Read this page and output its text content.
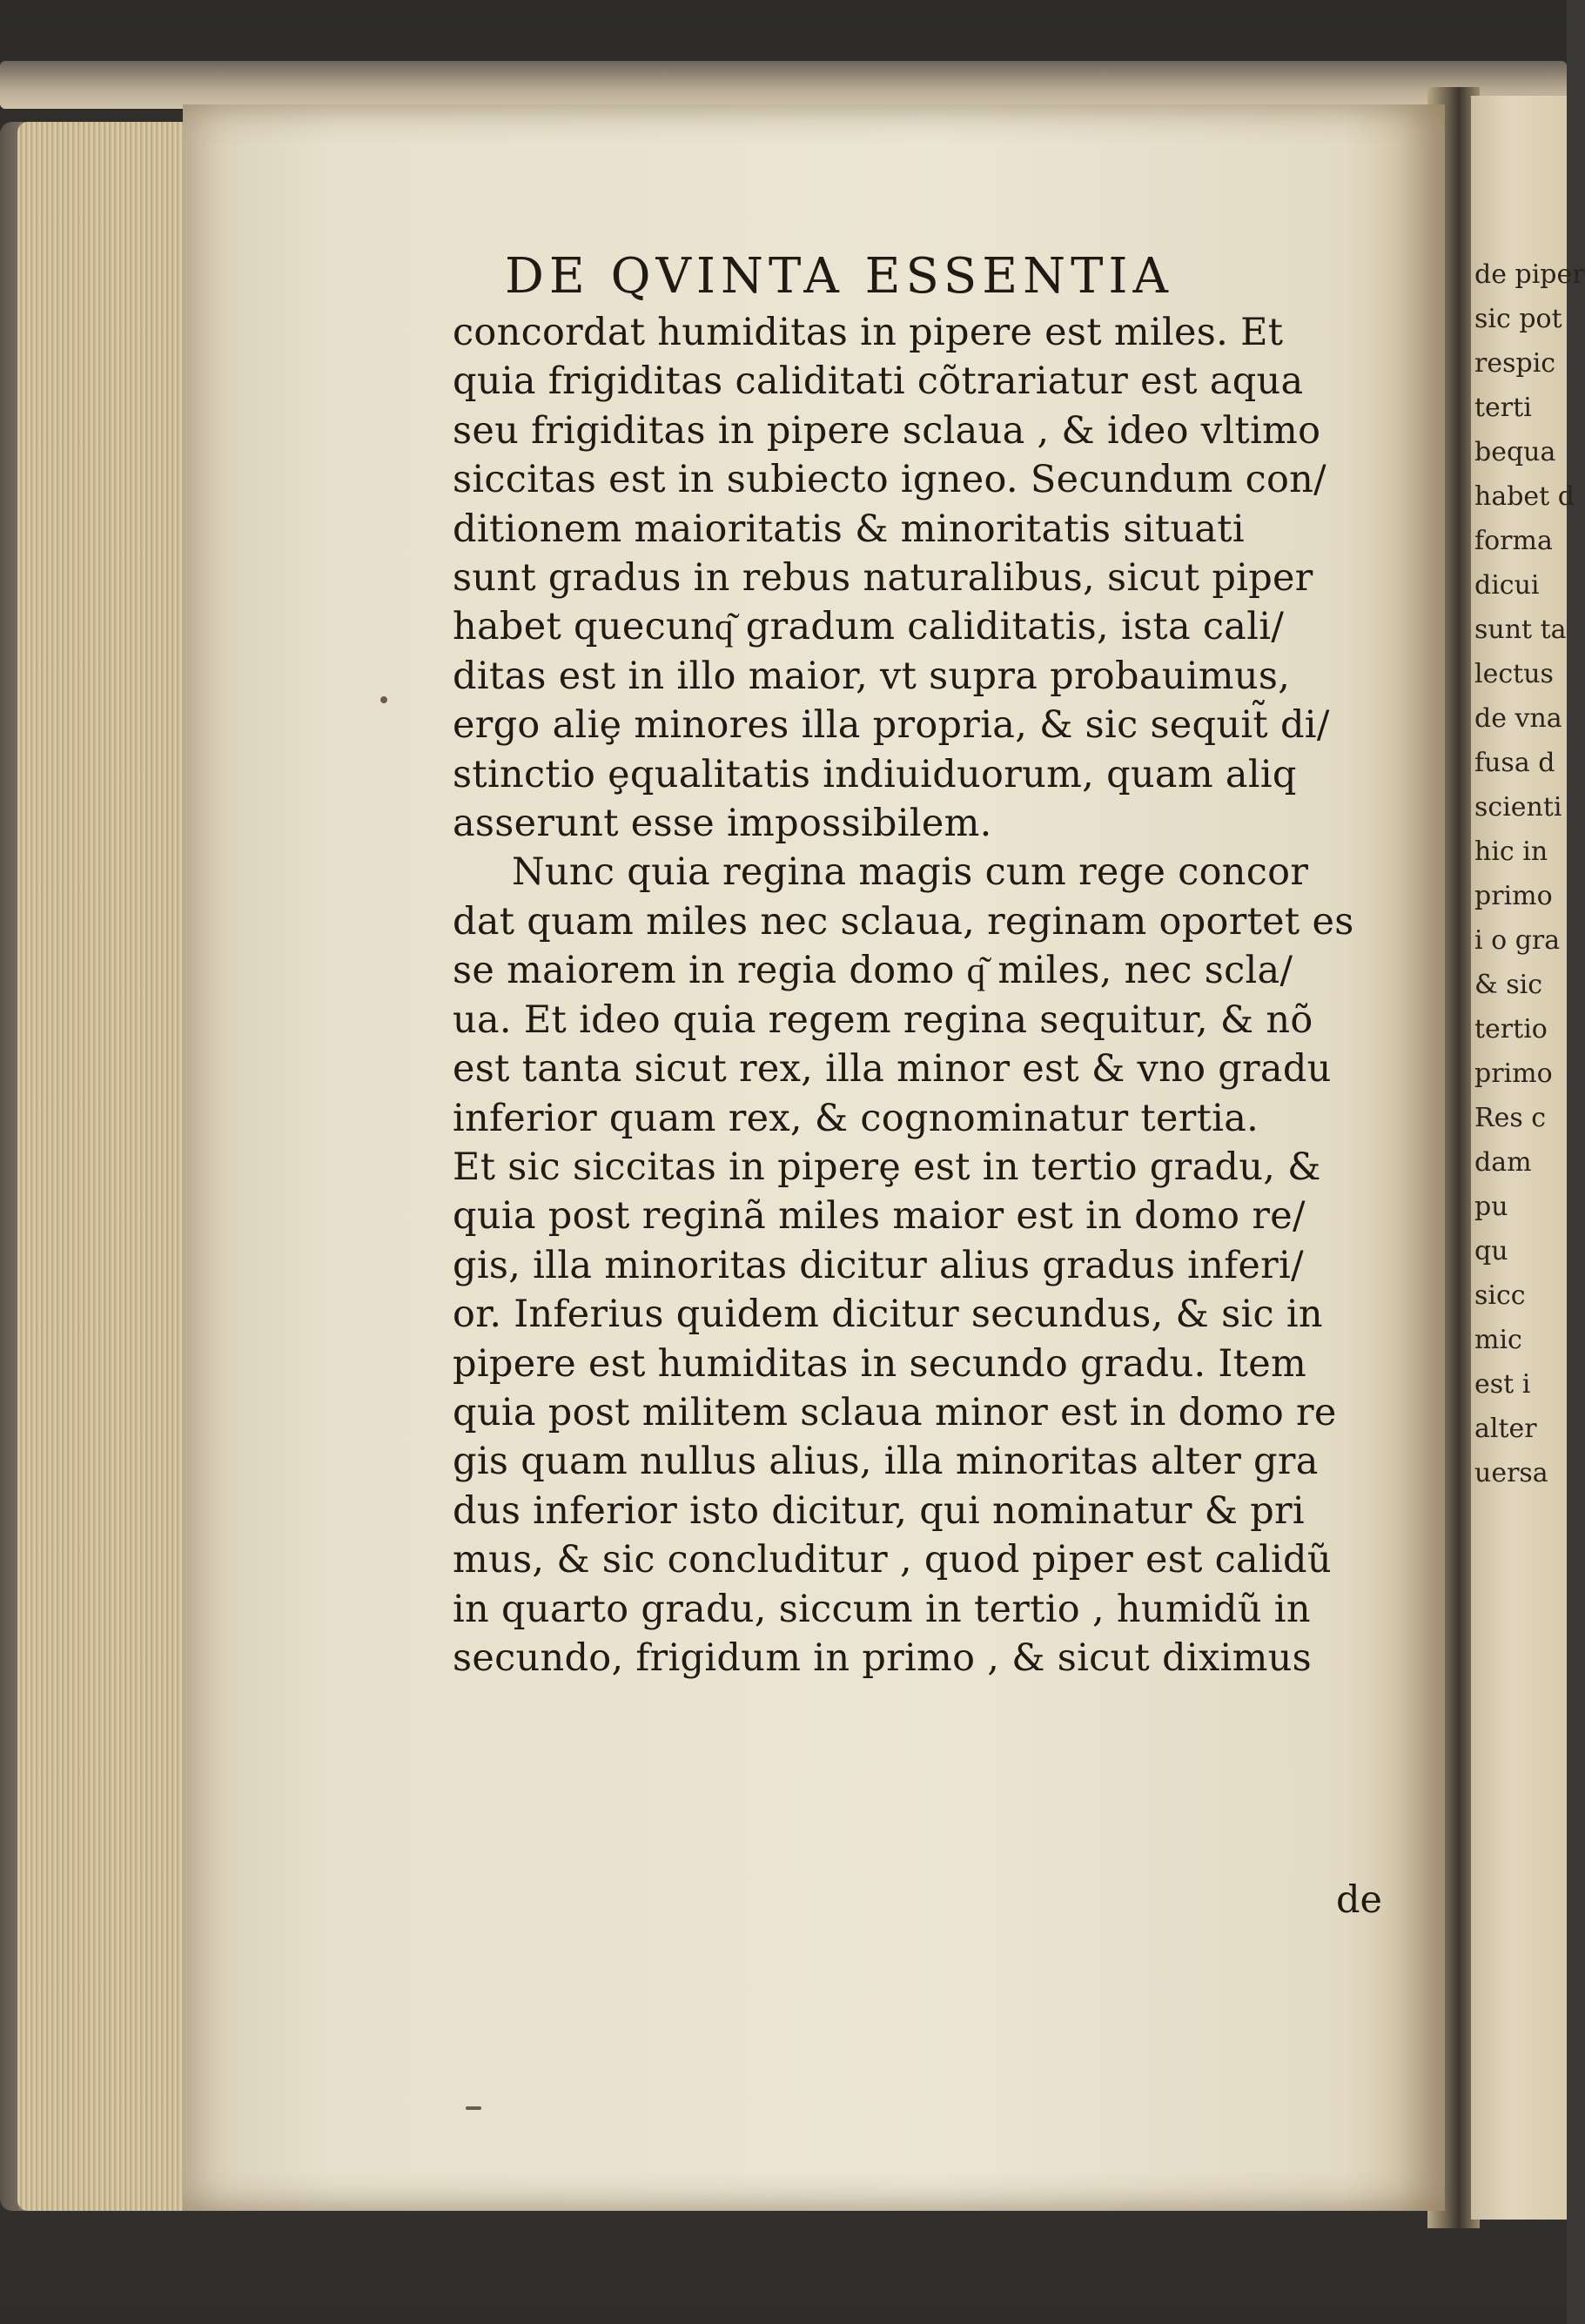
de piper
sic pot
respic
terti
bequa
habet d
forma
dicui
sunt ta
lectus
de vna
fusa d
scienti
hic in
primo
i o gra
& sic
tertio
primo
Res c
dam
pu
qu
sicc
mic
est i
alter
uersa
DE QVINTA ESSENTIA
concordat humiditas in pipere est miles. Et
quia frigiditas caliditati cõtrariatur est aqua
seu frigiditas in pipere sclaua , & ideo vltimo
siccitas est in subiecto igneo. Secundum con/
ditionem maioritatis & minoritatis situati
sunt gradus in rebus naturalibus, sicut piper
habet quecunq͂ gradum caliditatis, ista cali/
ditas est in illo maior, vt supra probauimus,
ergo aliȩ minores illa propria, & sic sequit̃ di/
stinctio ȩqualitatis indiuiduorum, quam aliq
asserunt esse impossibilem.
Nunc quia regina magis cum rege concor
dat quam miles nec sclaua, reginam oportet es
se maiorem in regia domo q͂ miles, nec scla/
ua. Et ideo quia regem regina sequitur, & nõ
est tanta sicut rex, illa minor est & vno gradu
inferior quam rex, & cognominatur tertia.
Et sic siccitas in piperȩ est in tertio gradu, &
quia post reginã miles maior est in domo re/
gis, illa minoritas dicitur alius gradus inferi/
or. Inferius quidem dicitur secundus, & sic in
pipere est humiditas in secundo gradu. Item
quia post militem sclaua minor est in domo re
gis quam nullus alius, illa minoritas alter gra
dus inferior isto dicitur, qui nominatur & pri
mus, & sic concluditur , quod piper est calidũ
in quarto gradu, siccum in tertio , humidũ in
secundo, frigidum in primo , & sicut diximus
de
